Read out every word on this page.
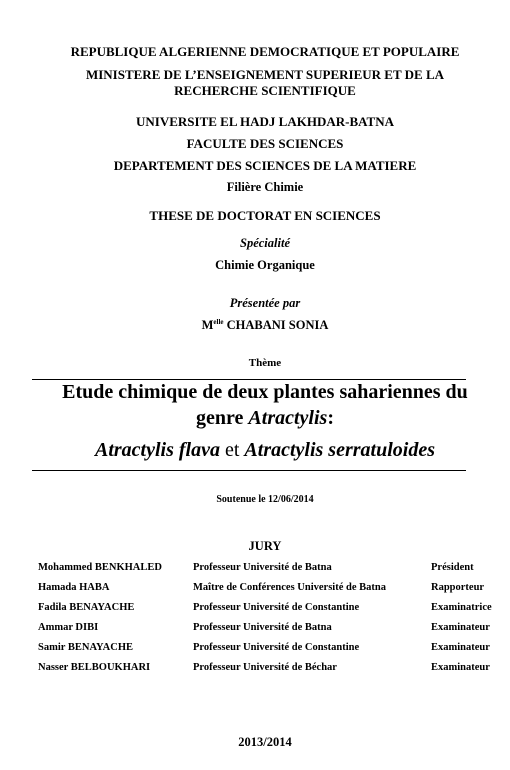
REPUBLIQUE ALGERIENNE DEMOCRATIQUE ET POPULAIRE
MINISTERE DE L’ENSEIGNEMENT SUPERIEUR ET DE LA
RECHERCHE SCIENTIFIQUE
UNIVERSITE EL HADJ LAKHDAR-BATNA
FACULTE DES SCIENCES
DEPARTEMENT DES SCIENCES DE LA MATIERE
Filière Chimie
THESE DE DOCTORAT EN SCIENCES
Spécialité
Chimie Organique
Présentée par
$M^{elle}$ CHABANI SONIA
Thème
Etude chimique de deux plantes sahariennes du
genre Atractylis:
Atractylis flava et Atractylis serratuloides
Soutenue le 12/06/2014
JURY
Mohammed BENKHALED	Professeur Université de Batna	Président
Hamada HABA	Maître de Conférences Université de Batna	Rapporteur
Fadila BENAYACHE	Professeur Université de Constantine	Examinatrice
Ammar DIBI	Professeur Université de Batna	Examinateur
Samir BENAYACHE	Professeur Université de Constantine	Examinateur
Nasser BELBOUKHARI	Professeur Université de Béchar	Examinateur
2013/2014
